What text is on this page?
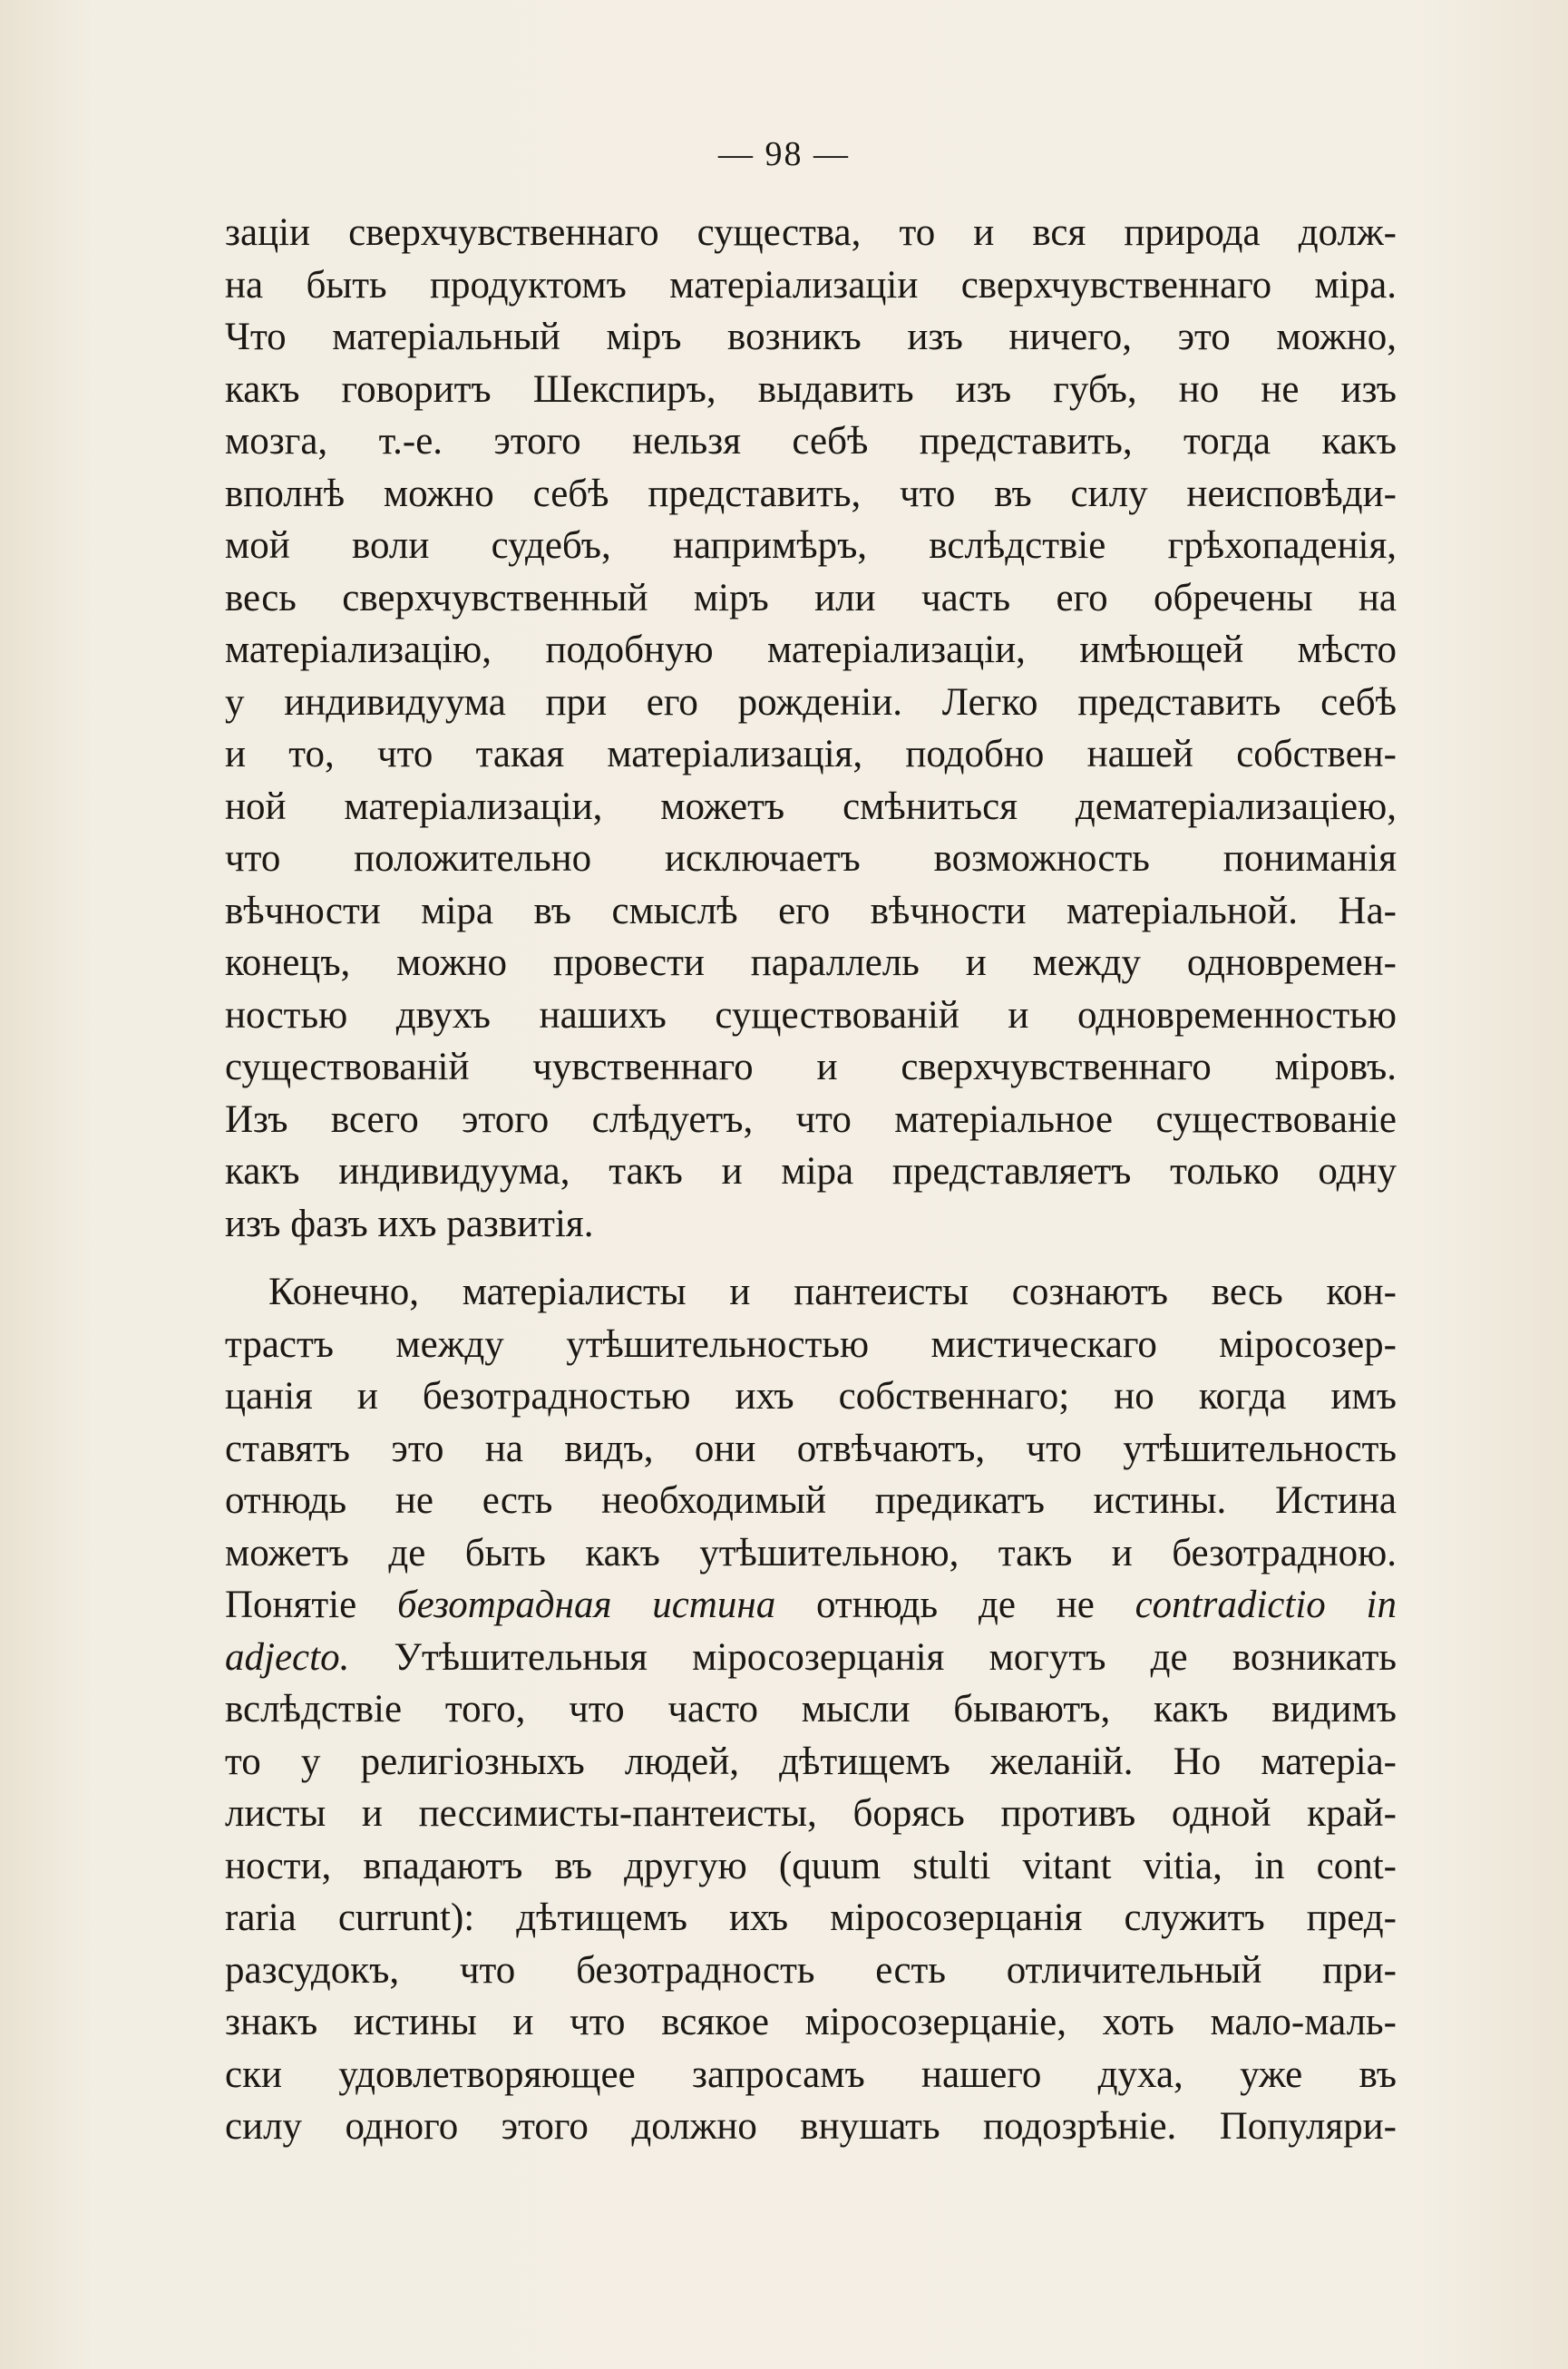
— 98 —
заціи сверхчувственнаго существа, то и вся природа долж-
на быть продуктомъ матеріализаціи сверхчувственнаго міра.
Что матеріальный міръ возникъ изъ ничего, это можно,
какъ говоритъ Шекспиръ, выдавить изъ губъ, но не изъ
мозга, т.-е. этого нельзя себѣ представить, тогда какъ
вполнѣ можно себѣ представить, что въ силу неисповѣди-
мой воли судебъ, напримѣръ, вслѣдствіе грѣхопаденія,
весь сверхчувственный міръ или часть его обречены на
матеріализацію, подобную матеріализаціи, имѣющей мѣсто
у индивидуума при его рожденіи. Легко представить себѣ
и то, что такая матеріализація, подобно нашей собствен-
ной матеріализаціи, можетъ смѣниться дематеріализаціею,
что положительно исключаетъ возможность пониманія
вѣчности міра въ смыслѣ его вѣчности матеріальной. На-
конецъ, можно провести параллель и между одновремен-
ностью двухъ нашихъ существованій и одновременностью
существованій чувственнаго и сверхчувственнаго міровъ.
Изъ всего этого слѣдуетъ, что матеріальное существованіе
какъ индивидуума, такъ и міра представляетъ только одну
изъ фазъ ихъ развитія.
Конечно, матеріалисты и пантеисты сознаютъ весь кон-
трастъ между утѣшительностью мистическаго міросозер-
цанія и безотрадностью ихъ собственнаго; но когда имъ
ставятъ это на видъ, они отвѣчаютъ, что утѣшительность
отнюдь не есть необходимый предикатъ истины. Истина
можетъ де быть какъ утѣшительною, такъ и безотрадною.
Понятіе безотрадная истина отнюдь де не contradictio in
adjecto. Утѣшительныя міросозерцанія могутъ де возникать
вслѣдствіе того, что часто мысли бываютъ, какъ видимъ
то у религіозныхъ людей, дѣтищемъ желаній. Но матеріа-
листы и пессимисты-пантеисты, борясь противъ одной край-
ности, впадаютъ въ другую (quum stulti vitant vitia, in cont-
raria currunt): дѣтищемъ ихъ міросозерцанія служитъ пред-
разсудокъ, что безотрадность есть отличительный при-
знакъ истины и что всякое міросозерцаніе, хоть мало-маль-
ски удовлетворяющее запросамъ нашего духа, уже въ
силу одного этого должно внушать подозрѣніе. Популяри-
